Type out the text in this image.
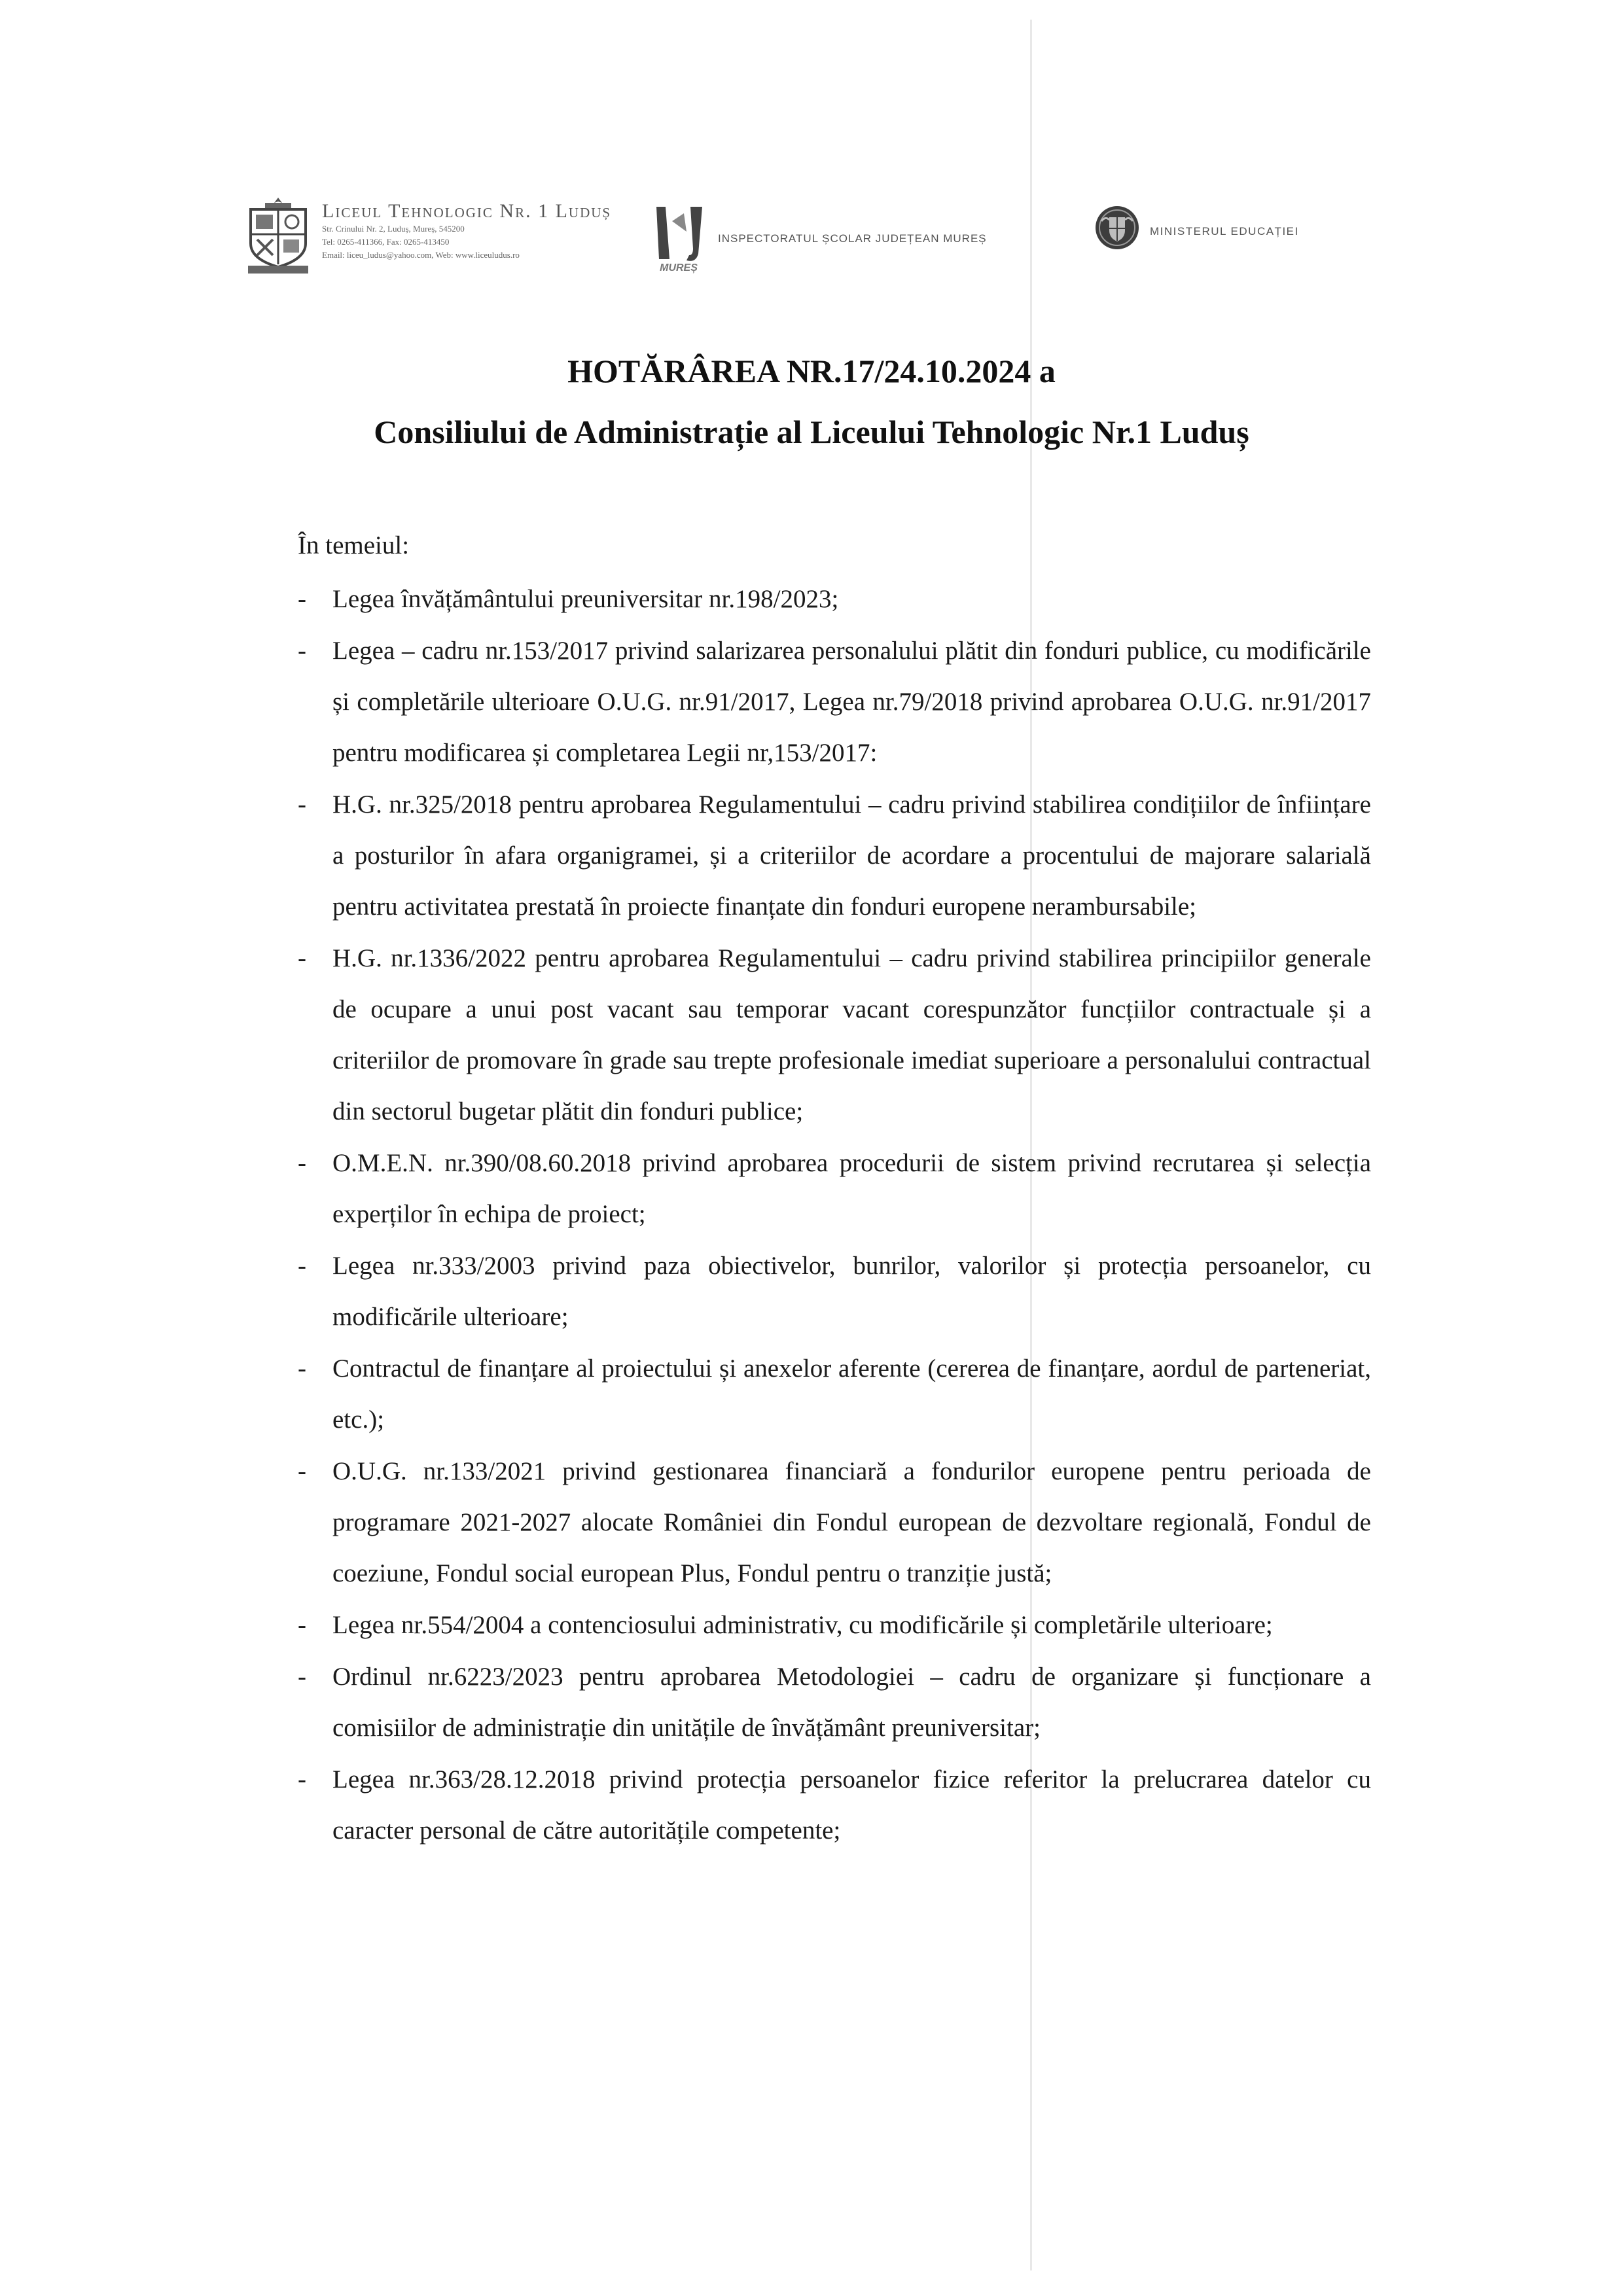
Liceul Tehnologic Nr. 1 Luduș
Str. Crinului Nr. 2, Luduș, Mureș, 545200
Tel: 0265-411366, Fax: 0265-413450
Email: liceu_ludus@yahoo.com, Web: www.liceuludus.ro
MUREȘ
INSPECTORATUL ȘCOLAR JUDEȚEAN MUREȘ
MINISTERUL EDUCAȚIEI
HOTĂRÂREA NR.17/24.10.2024 a
Consiliului de Administrație al Liceului Tehnologic Nr.1 Luduș

În temeiul:

- Legea învățământului preuniversitar nr.198/2023;
- Legea – cadru nr.153/2017 privind salarizarea personalului plătit din fonduri publice, cu modificările și completările ulterioare O.U.G. nr.91/2017, Legea nr.79/2018 privind aprobarea O.U.G. nr.91/2017 pentru modificarea și completarea Legii nr,153/2017:
- H.G. nr.325/2018 pentru aprobarea Regulamentului – cadru privind stabilirea condițiilor de înființare a posturilor în afara organigramei, și a criteriilor de acordare a procentului de majorare salarială pentru activitatea prestată în proiecte finanțate din fonduri europene nerambursabile;
- H.G. nr.1336/2022 pentru aprobarea Regulamentului – cadru privind stabilirea principiilor generale de ocupare a unui post vacant sau temporar vacant corespunzător funcțiilor contractuale și a criteriilor de promovare în grade sau trepte profesionale imediat superioare a personalului contractual din sectorul bugetar plătit din fonduri publice;
- O.M.E.N. nr.390/08.60.2018 privind aprobarea procedurii de sistem privind recrutarea și selecția experților în echipa de proiect;
- Legea nr.333/2003 privind paza obiectivelor, bunrilor, valorilor și protecția persoanelor, cu modificările ulterioare;
- Contractul de finanțare al proiectului și anexelor aferente (cererea de finanțare, aordul de parteneriat, etc.);
- O.U.G. nr.133/2021 privind gestionarea financiară a fondurilor europene pentru perioada de programare 2021-2027 alocate României din Fondul european de dezvoltare regională, Fondul de coeziune, Fondul social european Plus, Fondul pentru o tranziție justă;
- Legea nr.554/2004 a contenciosului administrativ, cu modificările și completările ulterioare;
- Ordinul nr.6223/2023 pentru aprobarea Metodologiei – cadru de organizare și funcționare a comisiilor de administrație din unitățile de învățământ preuniversitar;
- Legea nr.363/28.12.2018 privind protecția persoanelor fizice referitor la prelucrarea datelor cu caracter personal de către autoritățile competente;
